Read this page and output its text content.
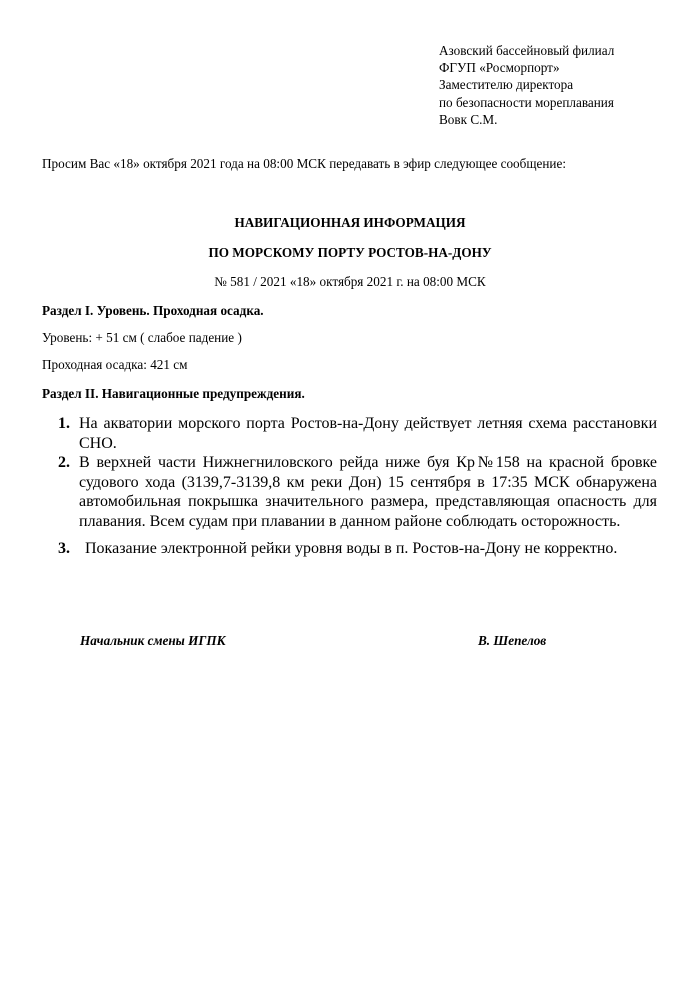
Азовский бассейновый филиал
ФГУП «Росморпорт»
Заместителю директора
по безопасности мореплавания
Вовк С.М.
Просим Вас «18» октября 2021 года на 08:00 МСК передавать в эфир следующее сообщение:
НАВИГАЦИОННАЯ ИНФОРМАЦИЯ
ПО МОРСКОМУ ПОРТУ РОСТОВ-НА-ДОНУ
№ 581 / 2021 «18» октября 2021 г. на 08:00 МСК
Раздел I. Уровень. Проходная осадка.
Уровень: + 51 см ( слабое падение )
Проходная осадка: 421 см
Раздел II. Навигационные предупреждения.
1. На акватории морского порта Ростов-на-Дону действует летняя схема расстановки СНО.
2. В верхней части Нижнегниловского рейда ниже буя Кр№158 на красной бровке судового хода (3139,7-3139,8 км реки Дон) 15 сентября в 17:35 МСК обнаружена автомобильная покрышка значительного размера, представляющая опасность для плавания. Всем судам при плавании в данном районе соблюдать осторожность.
3. Показание электронной рейки уровня воды в п. Ростов-на-Дону не корректно.
Начальник смены ИГПК	В. Шепелов
